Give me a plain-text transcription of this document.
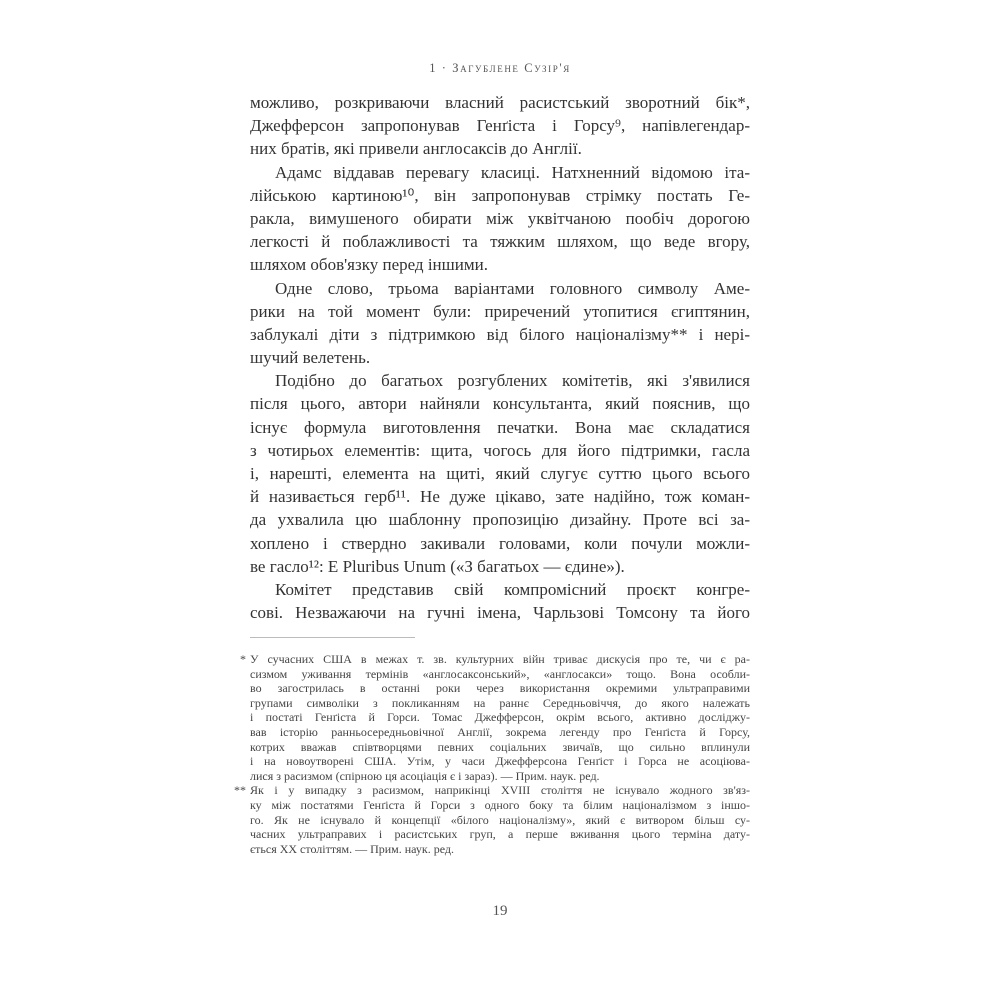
1 · Загублене Сузір'я
можливо, розкриваючи власний расистський зворотний бік*,
Джефферсон запропонував Генґіста і Горсу⁹, напівлегендар-
них братів, які привели англосаксів до Англії.
Адамс віддавав перевагу класиці. Натхненний відомою іта-
лійською картиною¹⁰, він запропонував стрімку постать Ге-
ракла, вимушеного обирати між уквітчаною пообіч дорогою
легкості й поблажливості та тяжким шляхом, що веде вгору,
шляхом обов'язку перед іншими.
Одне слово, трьома варіантами головного символу Аме-
рики на той момент були: приречений утопитися єгиптянин,
заблукалі діти з підтримкою від білого націоналізму** і нері-
шучий велетень.
Подібно до багатьох розгублених комітетів, які з'явилися
після цього, автори найняли консультанта, який пояснив, що
існує формула виготовлення печатки. Вона має складатися
з чотирьох елементів: щита, чогось для його підтримки, гасла
і, нарешті, елемента на щиті, який слугує суттю цього всього
й називається герб¹¹. Не дуже цікаво, зате надійно, тож коман-
да ухвалила цю шаблонну пропозицію дизайну. Проте всі за-
хоплено і ствердно закивали головами, коли почули можли-
ве гасло¹²: E Pluribus Unum («З багатьох — єдине»).
Комітет представив свій компромісний проєкт конгре-
сові. Незважаючи на гучні імена, Чарльзові Томсону та його
* У сучасних США в межах т. зв. культурних війн триває дискусія про те, чи є ра-
сизмом уживання термінів «англосаксонський», «англосакси» тощо. Вона особли-
во загострилась в останні роки через використання окремими ультраправими
групами символіки з покликанням на раннє Середньовіччя, до якого належать
і постаті Генґіста й Горси. Томас Джефферсон, окрім всього, активно досліджу-
вав історію ранньосередньовічної Англії, зокрема легенду про Генґіста й Горсу,
котрих вважав співтворцями певних соціальних звичаїв, що сильно вплинули
і на новоутворені США. Утім, у часи Джефферсона Генґіст і Горса не асоціюва-
лися з расизмом (спірною ця асоціація є і зараз). — Прим. наук. ред.
** Як і у випадку з расизмом, наприкінці XVIII століття не існувало жодного зв'яз-
ку між постатями Генґіста й Горси з одного боку та білим націоналізмом з іншо-
го. Як не існувало й концепції «білого націоналізму», який є витвором більш су-
часних ультраправих і расистських груп, а перше вживання цього терміна дату-
ється XX століттям. — Прим. наук. ред.
19
